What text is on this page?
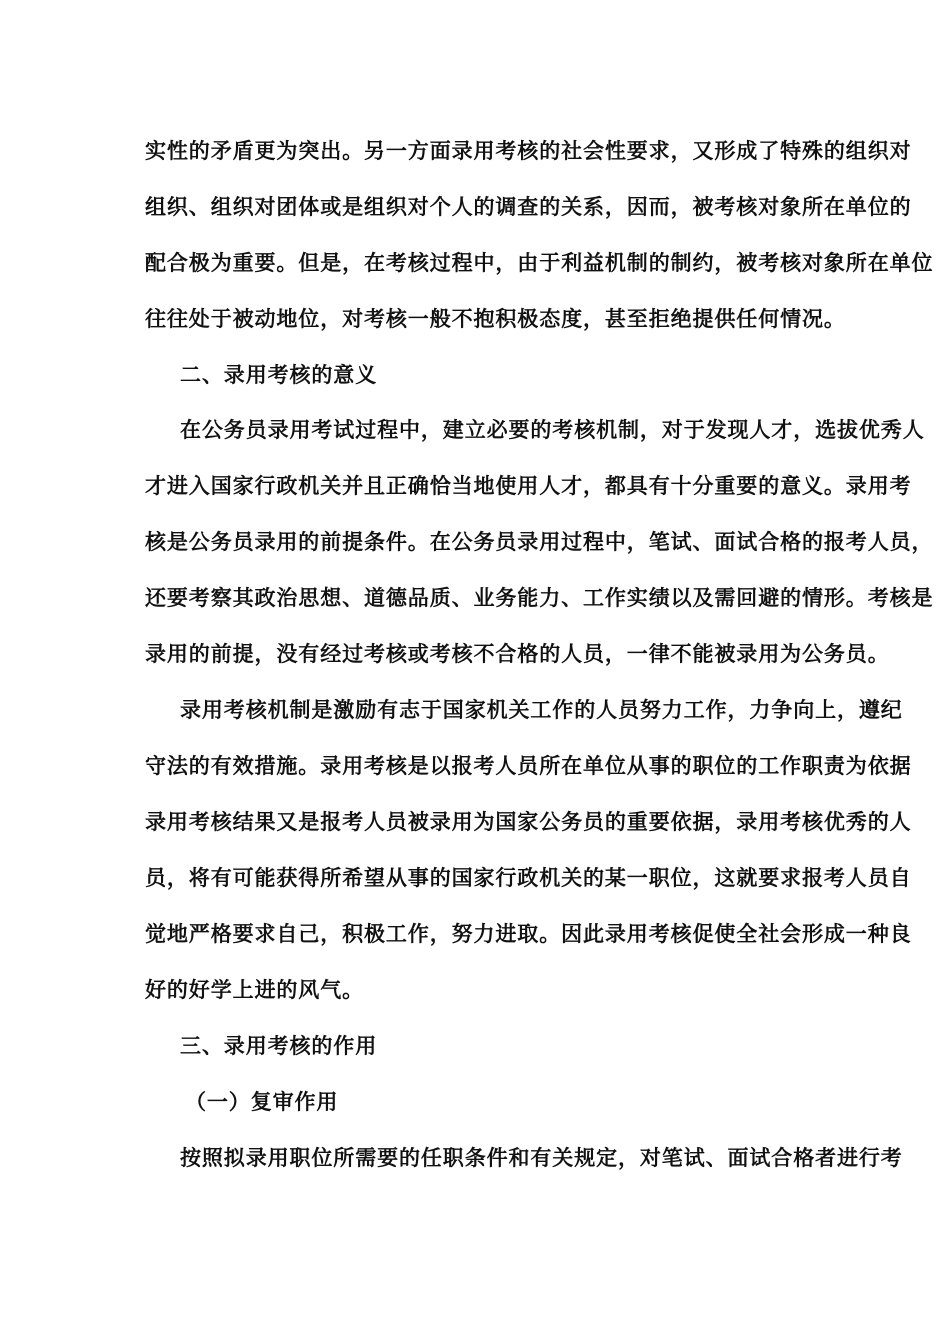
实性的矛盾更为突出。另一方面录用考核的社会性要求，又形成了特殊的组织对
组织、组织对团体或是组织对个人的调查的关系，因而，被考核对象所在单位的
配合极为重要。但是，在考核过程中，由于利益机制的制约，被考核对象所在单位
往往处于被动地位，对考核一般不抱积极态度，甚至拒绝提供任何情况。
二、录用考核的意义
在公务员录用考试过程中，建立必要的考核机制，对于发现人才，选拔优秀人
才进入国家行政机关并且正确恰当地使用人才，都具有十分重要的意义。录用考
核是公务员录用的前提条件。在公务员录用过程中，笔试、面试合格的报考人员，
还要考察其政治思想、道德品质、业务能力、工作实绩以及需回避的情形。考核是
录用的前提，没有经过考核或考核不合格的人员，一律不能被录用为公务员。
录用考核机制是激励有志于国家机关工作的人员努力工作，力争向上，遵纪
守法的有效措施。录用考核是以报考人员所在单位从事的职位的工作职责为依据
录用考核结果又是报考人员被录用为国家公务员的重要依据，录用考核优秀的人
员，将有可能获得所希望从事的国家行政机关的某一职位，这就要求报考人员自
觉地严格要求自己，积极工作，努力进取。因此录用考核促使全社会形成一种良
好的好学上进的风气。
三、录用考核的作用
（一）复审作用
按照拟录用职位所需要的任职条件和有关规定，对笔试、面试合格者进行考
